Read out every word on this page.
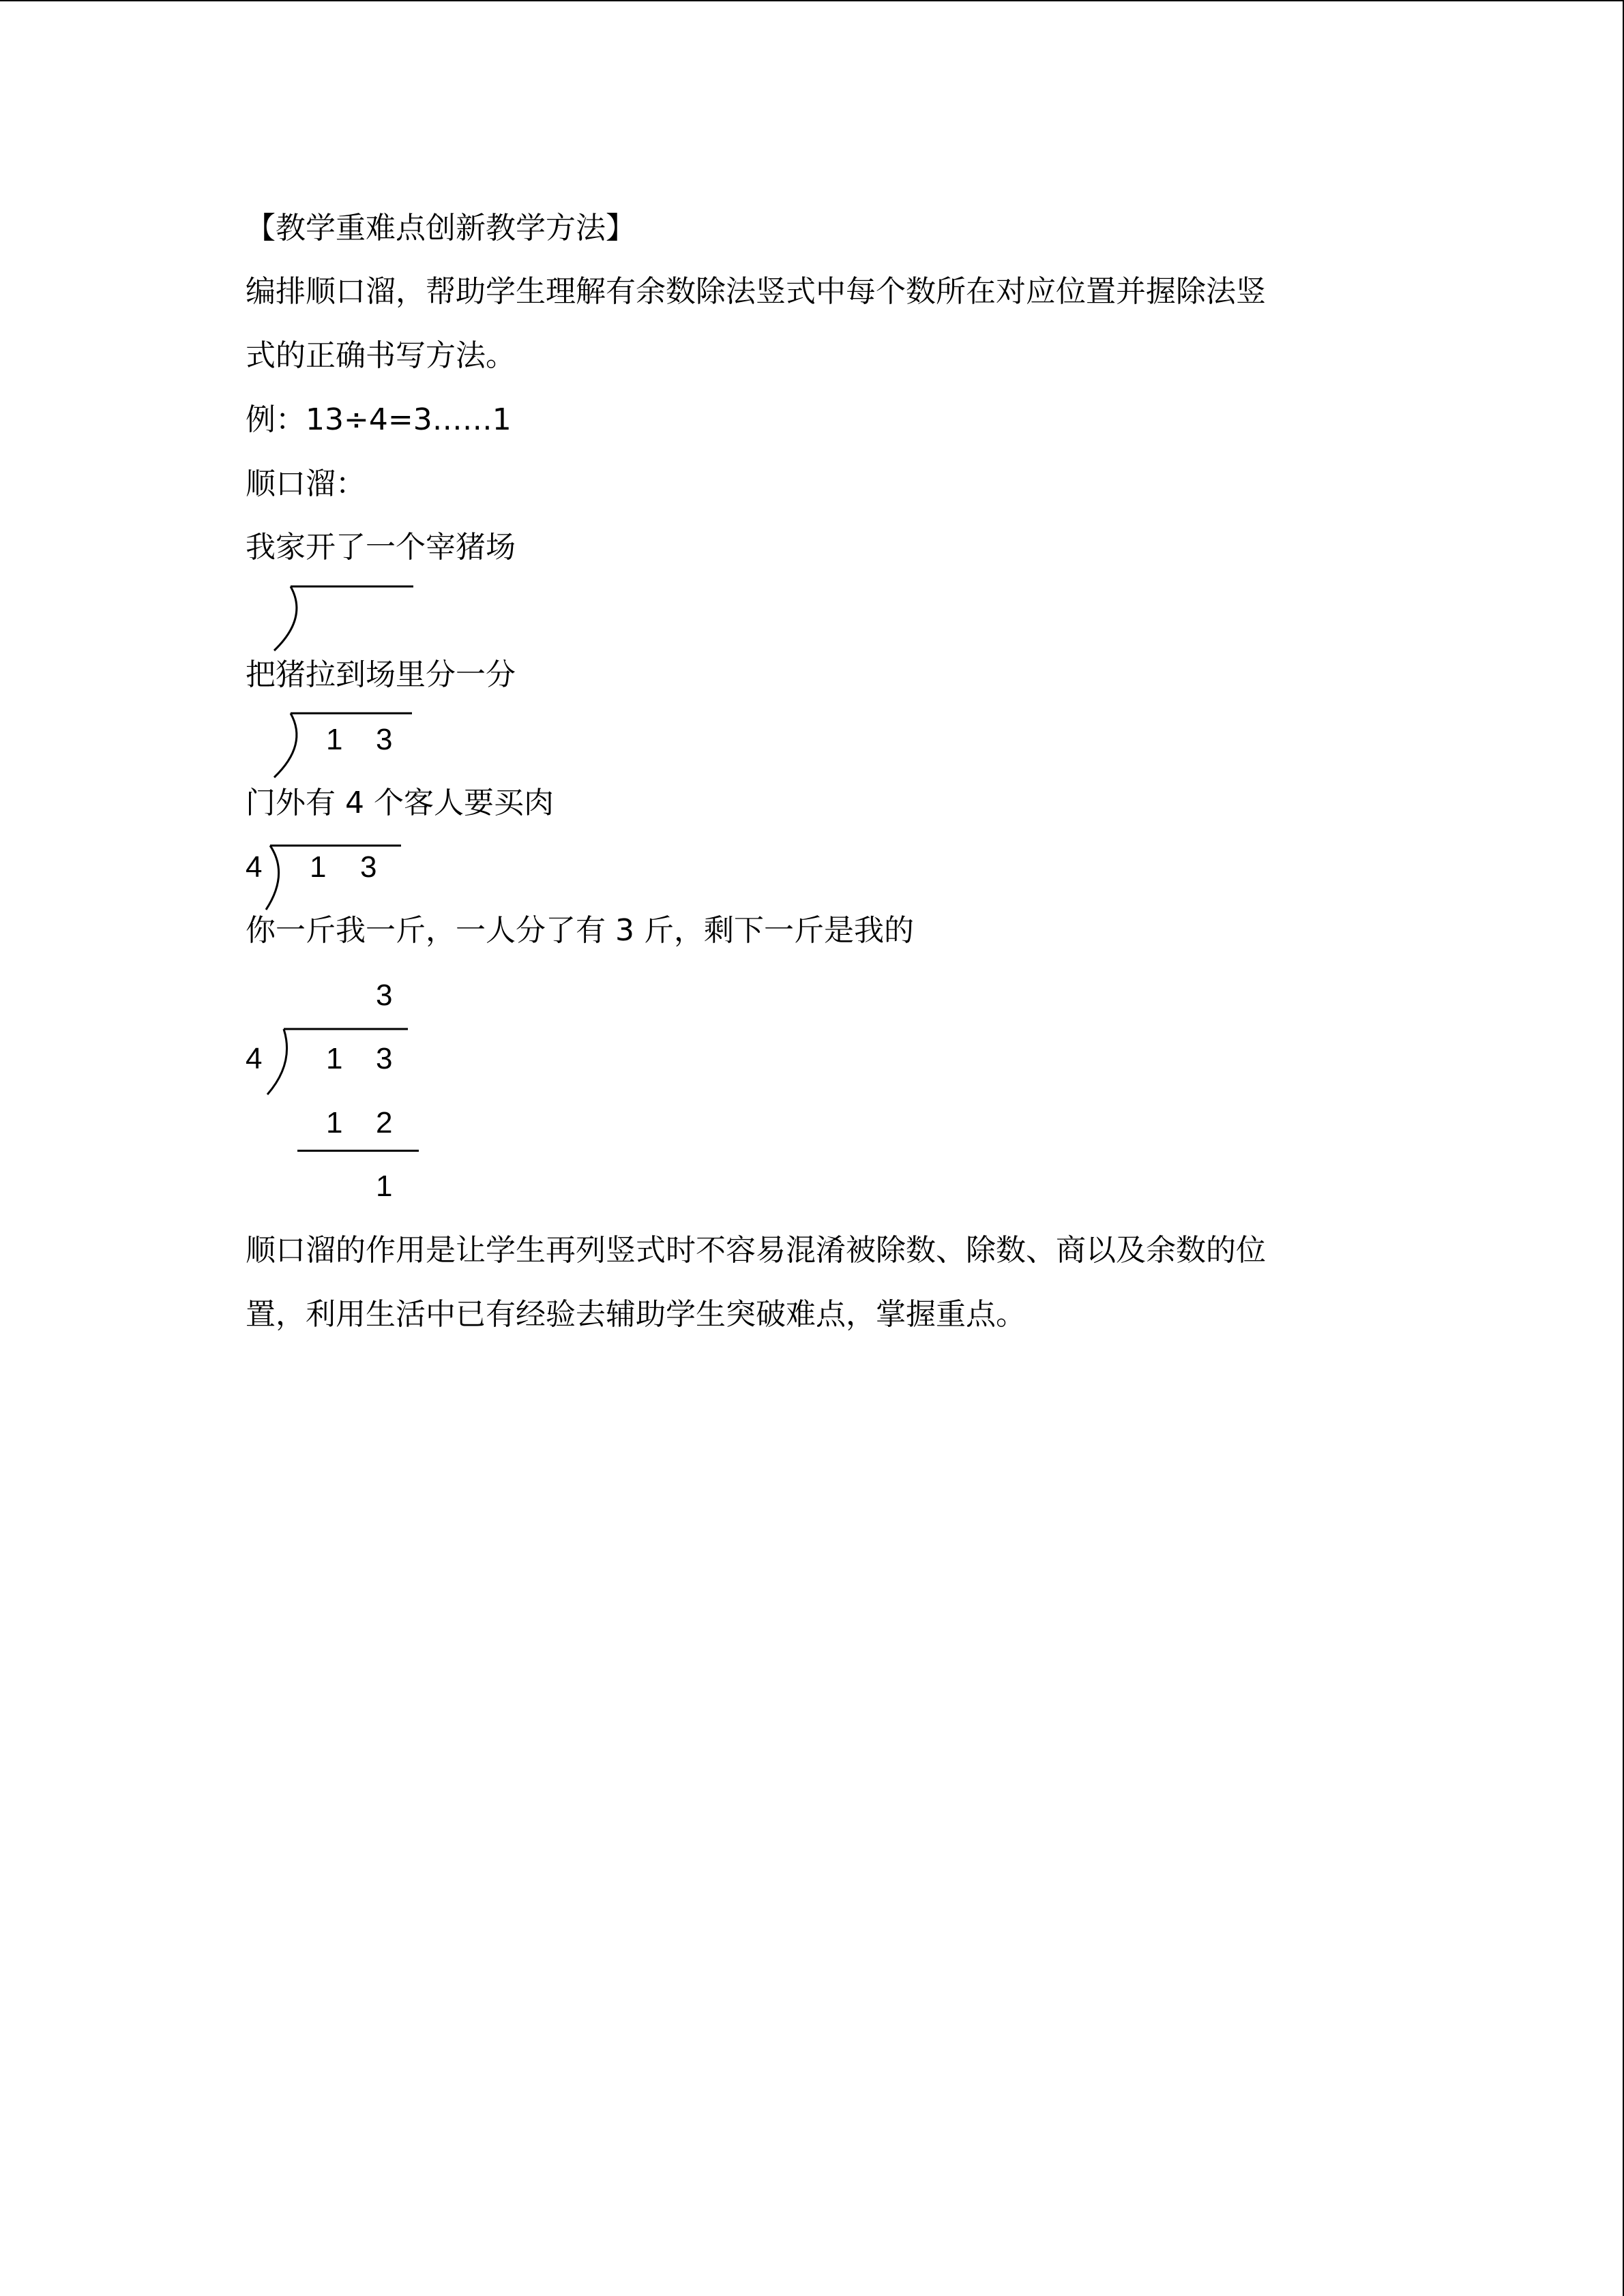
【教学重难点创新教学方法】

编排顺口溜，帮助学生理解有余数除法竖式中每个数所在对应位置并握除法竖

式的正确书写方法。

例：13÷4=3……1

顺口溜：

我家开了一个宰猪场

把猪拉到场里分一分

1 3

门外有 4 个客人要买肉

4 1 3

你一斤我一斤，一人分了有 3 斤，剩下一斤是我的

3
4 1 3
1 2
1

顺口溜的作用是让学生再列竖式时不容易混淆被除数、除数、商以及余数的位

置，利用生活中已有经验去辅助学生突破难点，掌握重点。
